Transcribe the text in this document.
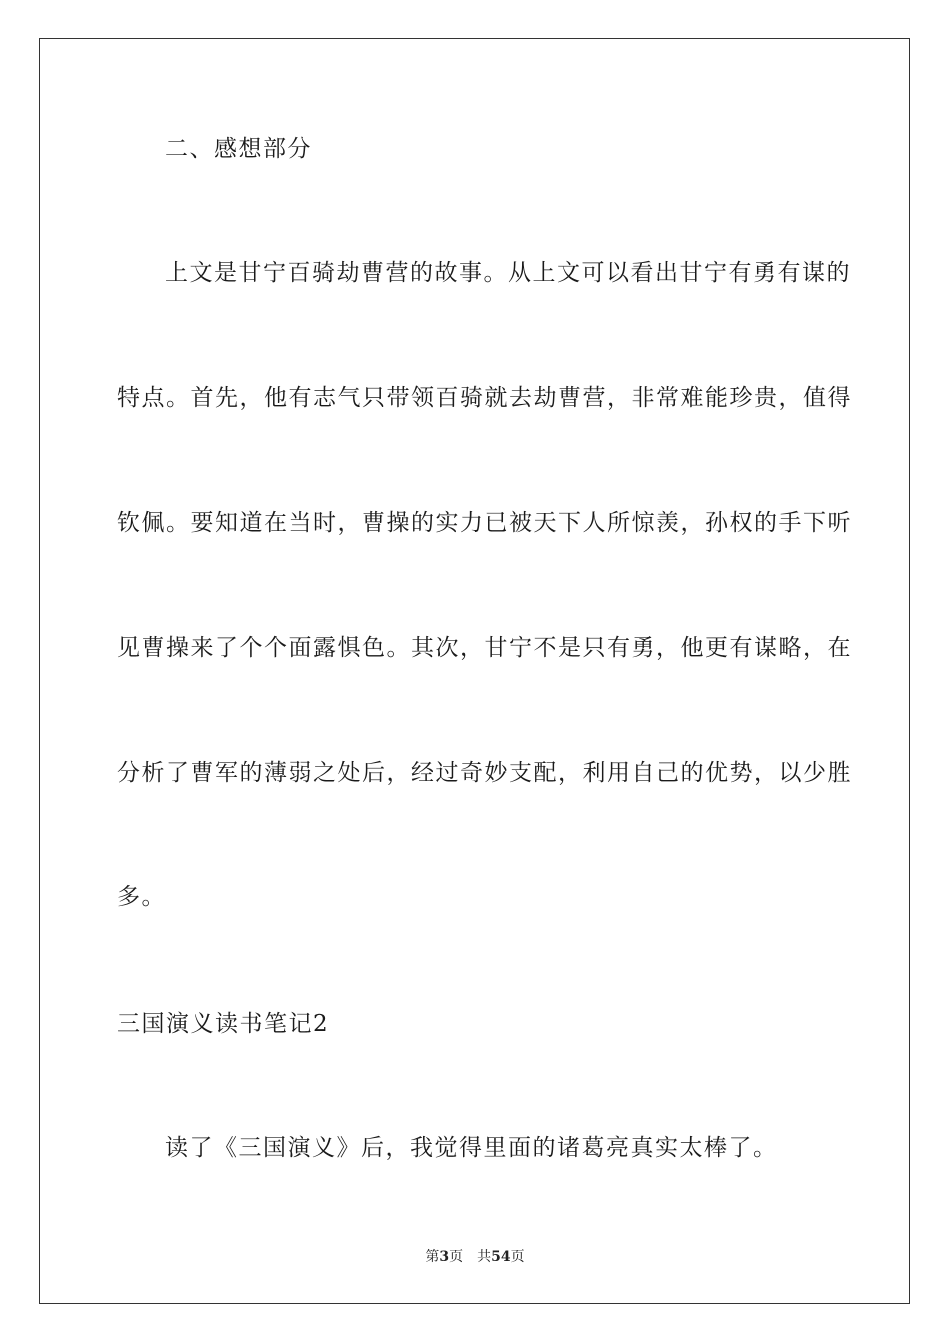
二、感想部分
上文是甘宁百骑劫曹营的故事。从上文可以看出甘宁有勇有谋的
特点。首先，他有志气只带领百骑就去劫曹营，非常难能珍贵，值得
钦佩。要知道在当时，曹操的实力已被天下人所惊羡，孙权的手下听
见曹操来了个个面露惧色。其次，甘宁不是只有勇，他更有谋略，在
分析了曹军的薄弱之处后，经过奇妙支配，利用自己的优势，以少胜
多。
三国演义读书笔记2
读了《三国演义》后，我觉得里面的诸葛亮真实太棒了。
第3页 共54页
